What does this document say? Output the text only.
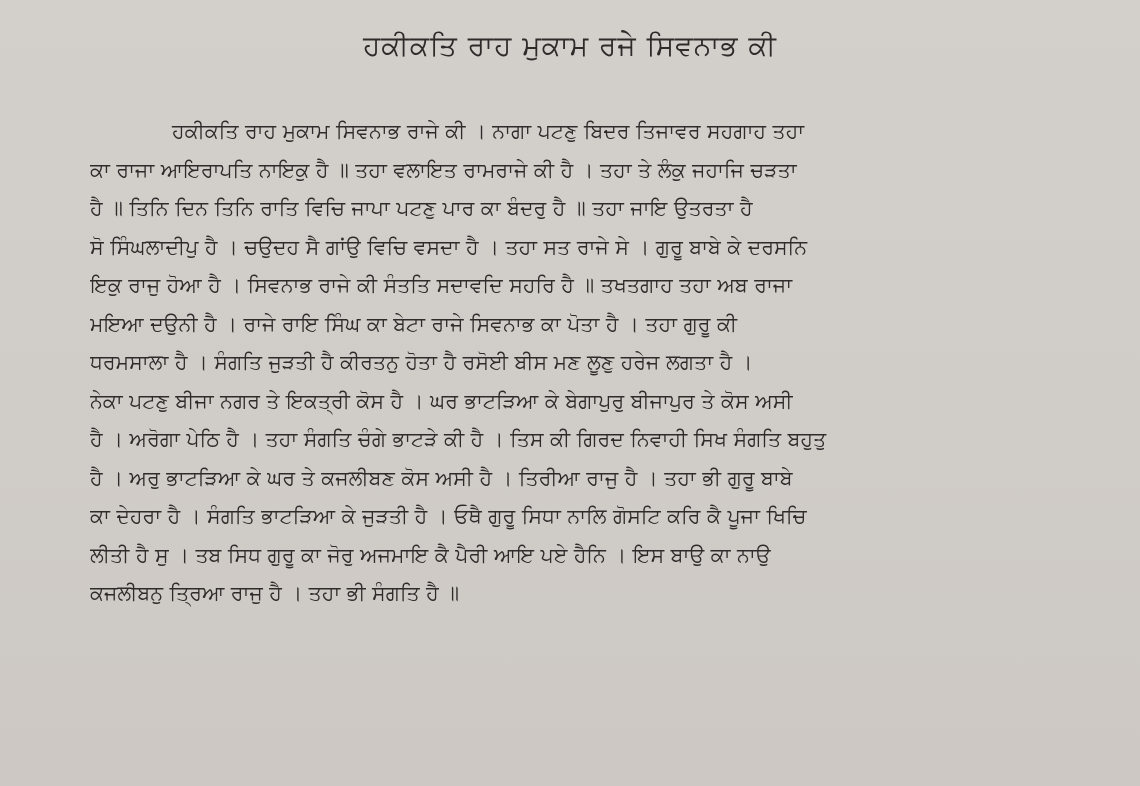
ਹਕੀਕਤਿ ਰਾਹ ਮੁਕਾਮ ਰਜੇ ਸਿਵਨਾਭ ਕੀ
ਹਕੀਕਤਿ ਰਾਹ ਮੁਕਾਮ ਸਿਵਨਾਭ ਰਾਜੇ ਕੀ । ਨਾਗਾ ਪਟਣੁ ਬਿਦਰ ਤਿਜਾਵਰ ਸਹਗਾਹ ਤਹਾ
ਕਾ ਰਾਜਾ ਆਇਰਾਪਤਿ ਨਾਇਕੁ ਹੈ ॥ ਤਹਾ ਵਲਾਇਤ ਰਾਮਰਾਜੇ ਕੀ ਹੈ । ਤਹਾ ਤੇ ਲੰਕੁ ਜਹਾਜਿ ਚੜਤਾ
ਹੈ ॥ ਤਿਨਿ ਦਿਨ ਤਿਨਿ ਰਾਤਿ ਵਿਚਿ ਜਾਪਾ ਪਟਣੁ ਪਾਰ ਕਾ ਬੰਦਰੁ ਹੈ ॥ ਤਹਾ ਜਾਇ ਉਤਰਤਾ ਹੈ
ਸੋ ਸਿੰਘਲਾਦੀਪੁ ਹੈ । ਚਉਦਹ ਸੈ ਗਾਂਉ ਵਿਚਿ ਵਸਦਾ ਹੈ । ਤਹਾ ਸਤ ਰਾਜੇ ਸੇ । ਗੁਰੂ ਬਾਬੇ ਕੇ ਦਰਸਨਿ
ਇਕੁ ਰਾਜੁ ਹੋਆ ਹੈ । ਸਿਵਨਾਭ ਰਾਜੇ ਕੀ ਸੰਤਤਿ ਸਦਾਵਦਿ ਸਹਰਿ ਹੈ ॥ ਤਖਤਗਾਹ ਤਹਾ ਅਬ ਰਾਜਾ
ਮਇਆ ਦਉਨੀ ਹੈ । ਰਾਜੇ ਰਾਇ ਸਿੰਘ ਕਾ ਬੇਟਾ ਰਾਜੇ ਸਿਵਨਾਭ ਕਾ ਪੋਤਾ ਹੈ । ਤਹਾ ਗੁਰੂ ਕੀ
ਧਰਮਸਾਲਾ ਹੈ । ਸੰਗਤਿ ਜੁੜਤੀ ਹੈ ਕੀਰਤਨੁ ਹੋਤਾ ਹੈ ਰਸੋਈ ਬੀਸ ਮਣ ਲੂਣੁ ਹਰੇਜ ਲਗਤਾ ਹੈ ।
ਨੇਕਾ ਪਟਣੁ ਬੀਜਾ ਨਗਰ ਤੇ ਇਕਤ੍ਰੀ ਕੋਸ ਹੈ । ਘਰ ਭਾਟੜਿਆ ਕੇ ਬੇਗਾਪੁਰੁ ਬੀਜਾਪੁਰ ਤੇ ਕੋਸ ਅਸੀ
ਹੈ । ਅਰੋਗਾ ਪੇਠਿ ਹੈ । ਤਹਾ ਸੰਗਤਿ ਚੰਗੇ ਭਾਟੜੇ ਕੀ ਹੈ । ਤਿਸ ਕੀ ਗਿਰਦ ਨਿਵਾਹੀ ਸਿਖ ਸੰਗਤਿ ਬਹੁਤੁ
ਹੈ । ਅਰੁ ਭਾਟੜਿਆ ਕੇ ਘਰ ਤੇ ਕਜਲੀਬਣ ਕੋਸ ਅਸੀ ਹੈ । ਤਿਰੀਆ ਰਾਜੁ ਹੈ । ਤਹਾ ਭੀ ਗੁਰੂ ਬਾਬੇ
ਕਾ ਦੇਹਰਾ ਹੈ । ਸੰਗਤਿ ਭਾਟੜਿਆ ਕੇ ਜੁੜਤੀ ਹੈ । ਓਥੈ ਗੁਰੂ ਸਿਧਾ ਨਾਲਿ ਗੋਸਟਿ ਕਰਿ ਕੈ ਪੂਜਾ ਖਿਚਿ
ਲੀਤੀ ਹੈ ਸੁ । ਤਬ ਸਿਧ ਗੁਰੂ ਕਾ ਜੋਰੁ ਅਜਮਾਇ ਕੈ ਪੈਰੀ ਆਇ ਪਏ ਹੈਨਿ । ਇਸ ਬਾਉ ਕਾ ਨਾਉ
ਕਜਲੀਬਨੁ ਤ੍ਰਿਆ ਰਾਜੁ ਹੈ । ਤਹਾ ਭੀ ਸੰਗਤਿ ਹੈ ॥
